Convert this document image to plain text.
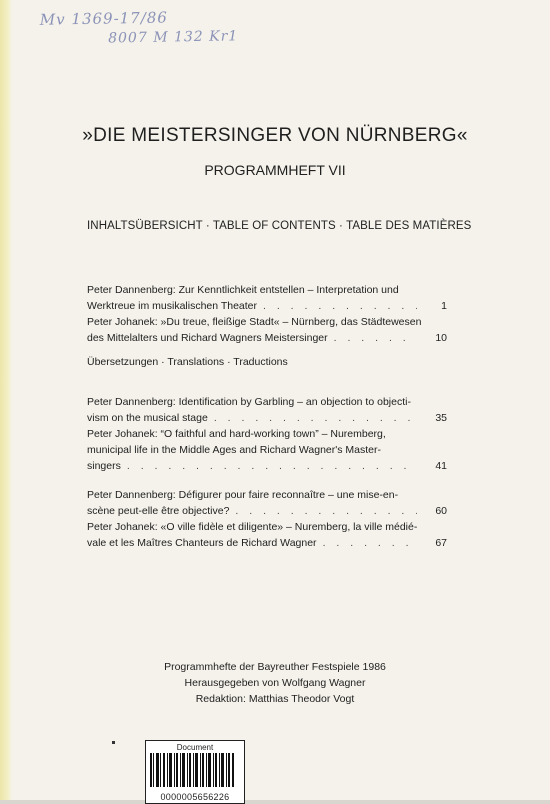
Mv 1369-17/86
8007 M 132 Kr1
»DIE MEISTERSINGER VON NÜRNBERG«
PROGRAMMHEFT VII
INHALTSÜBERSICHT · TABLE OF CONTENTS · TABLE DES MATIÈRES
Peter Dannenberg: Zur Kenntlichkeit entstellen – Interpretation und
Werktreue im musikalischen Theater . . .	1
Peter Johanek: »Du treue, fleißige Stadt« – Nürnberg, das Städtewesen
des Mittelalters und Richard Wagners Meistersinger . . .	10
Übersetzungen · Translations · Traductions
Peter Dannenberg: Identification by Garbling – an objection to objecti-
vism on the musical stage . . .	35
Peter Johanek: “O faithful and hard-working town” – Nuremberg,
municipal life in the Middle Ages and Richard Wagner's Master-
singers . . .	41
Peter Dannenberg: Défigurer pour faire reconnaître – une mise-en-
scène peut-elle être objective? . . .	60
Peter Johanek: «O ville fidèle et diligente» – Nuremberg, la ville médié-
vale et les Maîtres Chanteurs de Richard Wagner . . .	67
Programmhefte der Bayreuther Festspiele 1986
Herausgegeben von Wolfgang Wagner
Redaktion: Matthias Theodor Vogt
Document
0000005656226
